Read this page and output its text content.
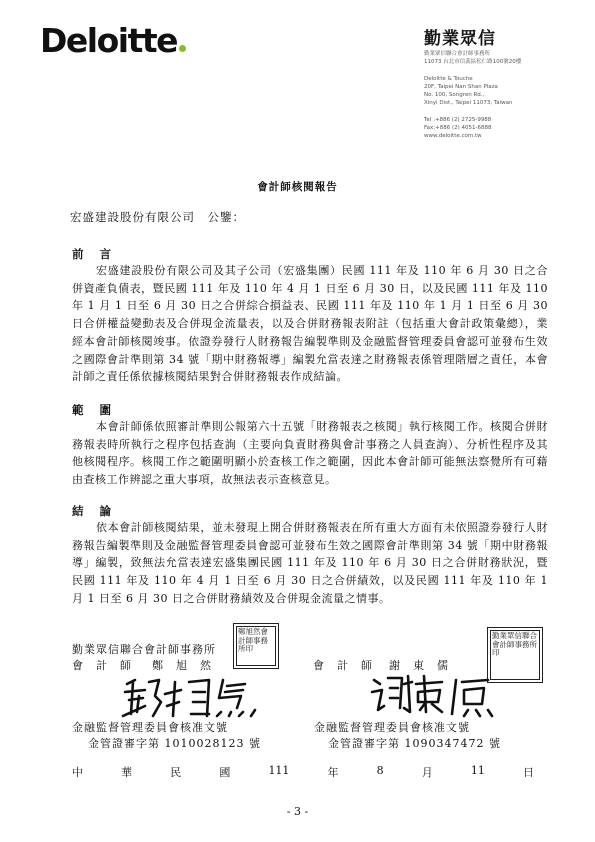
Deloitte	勤業眾信
勤業眾信聯合會計師事務所
11073 台北市信義區松仁路100號20樓

Deloitte & Touche
20F, Taipei Nan Shan Plaza
No. 100, Songren Rd.,
Xinyi Dist., Taipei 11073, Taiwan

Tel :+886 (2) 2725-9988
Fax:+886 (2) 4051-6888
www.deloitte.com.tw
會計師核閱報告
宏盛建設股份有限公司　公鑒：
前言
宏盛建設股份有限公司及其子公司（宏盛集團）民國 111 年及 110 年 6 月 30 日之合併資產負債表，暨民國 111 年及 110 年 4 月 1 日至 6 月 30 日，以及民國 111 年及 110 年 1 月 1 日至 6 月 30 日之合併綜合損益表、民國 111 年及 110 年 1 月 1 日至 6 月 30 日合併權益變動表及合併現金流量表，以及合併財務報表附註（包括重大會計政策彙總），業經本會計師核閱竣事。依證券發行人財務報告編製準則及金融監督管理委員會認可並發布生效之國際會計準則第 34 號「期中財務報導」編製允當表達之財務報表係管理階層之責任，本會計師之責任係依據核閱結果對合併財務報表作成結論。
範圍
本會計師係依照審計準則公報第六十五號「財務報表之核閱」執行核閱工作。核閱合併財務報表時所執行之程序包括查詢（主要向負責財務與會計事務之人員查詢）、分析性程序及其他核閱程序。核閱工作之範圍明顯小於查核工作之範圍，因此本會計師可能無法察覺所有可藉由查核工作辨認之重大事項，故無法表示查核意見。
結論
依本會計師核閱結果，並未發現上開合併財務報表在所有重大方面有未依照證券發行人財務報告編製準則及金融監督管理委員會認可並發布生效之國際會計準則第 34 號「期中財務報導」編製，致無法允當表達宏盛集團民國 111 年及 110 年 6 月 30 日之合併財務狀況，暨民國 111 年及 110 年 4 月 1 日至 6 月 30 日之合併績效，以及民國 111 年及 110 年 1 月 1 日至 6 月 30 日之合併財務績效及合併現金流量之情事。
勤業眾信聯合會計師事務所
會　計　師 鄭　旭　然	會　計　師 謝　東　儒
鄭旭然會計師事務所印
勤業眾信聯合會計師事務所印
金融監督管理委員會核准文號
金管證審字第 1010028123 號
金融監督管理委員會核准文號
金管證審字第 1090347472 號
中	華	民	國	111	年	8	月	11	日
- 3 -
